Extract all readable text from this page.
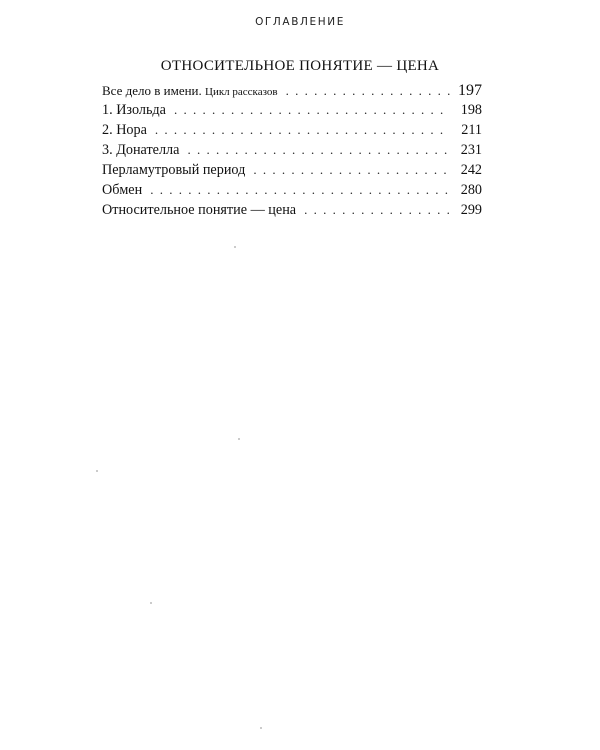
ОГЛАВЛЕНИЕ
ОТНОСИТЕЛЬНОЕ ПОНЯТИЕ — ЦЕНА
Все дело в имени. Цикл рассказов . . .	197
1. Изольда . . .	198
2. Нора . . .	211
3. Донателла . . .	231
Перламутровый период . . .	242
Обмен . . .	280
Относительное понятие — цена . . .	299
